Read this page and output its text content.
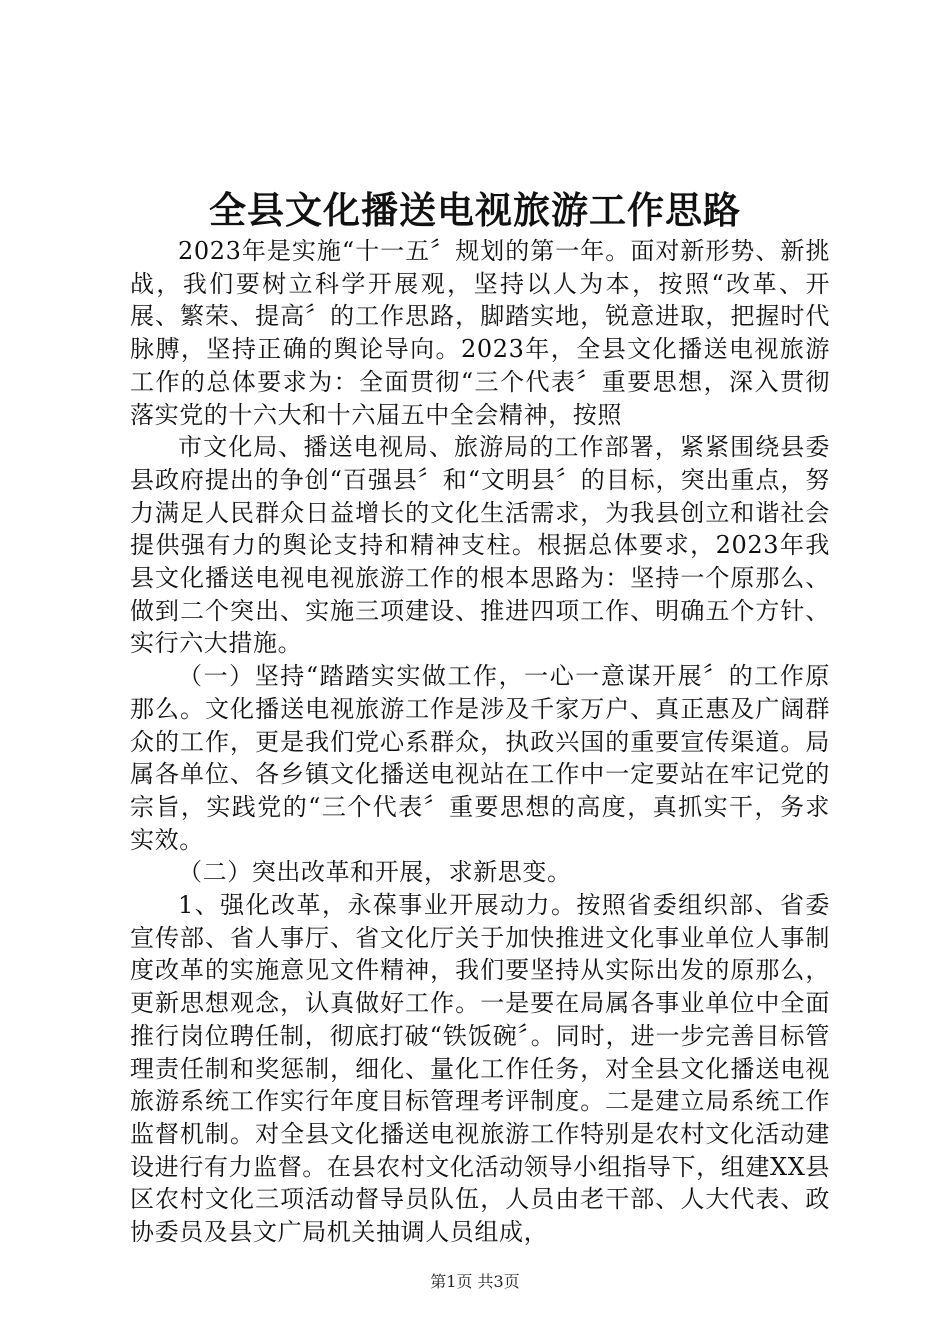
全县文化播送电视旅游工作思路

2023年是实施“十一五〞规划的第一年。面对新形势、新挑战，我们要树立科学开展观，坚持以人为本，按照“改革、开展、繁荣、提高〞的工作思路，脚踏实地，锐意进取，把握时代脉膊，坚持正确的舆论导向。2023年，全县文化播送电视旅游工作的总体要求为：全面贯彻“三个代表〞重要思想，深入贯彻落实党的十六大和十六届五中全会精神，按照

市文化局、播送电视局、旅游局的工作部署，紧紧围绕县委县政府提出的争创“百强县〞和“文明县〞的目标，突出重点，努力满足人民群众日益增长的文化生活需求，为我县创立和谐社会提供强有力的舆论支持和精神支柱。根据总体要求，2023年我县文化播送电视电视旅游工作的根本思路为：坚持一个原那么、做到二个突出、实施三项建设、推进四项工作、明确五个方针、实行六大措施。

（一）坚持“踏踏实实做工作，一心一意谋开展〞的工作原那么。文化播送电视旅游工作是涉及千家万户、真正惠及广阔群众的工作，更是我们党心系群众，执政兴国的重要宣传渠道。局属各单位、各乡镇文化播送电视站在工作中一定要站在牢记党的宗旨，实践党的“三个代表〞重要思想的高度，真抓实干，务求实效。

（二）突出改革和开展，求新思变。

1、强化改革，永葆事业开展动力。按照省委组织部、省委宣传部、省人事厅、省文化厅关于加快推进文化事业单位人事制度改革的实施意见文件精神，我们要坚持从实际出发的原那么，更新思想观念，认真做好工作。一是要在局属各事业单位中全面推行岗位聘任制，彻底打破“铁饭碗〞。同时，进一步完善目标管理责任制和奖惩制，细化、量化工作任务，对全县文化播送电视旅游系统工作实行年度目标管理考评制度。二是建立局系统工作监督机制。对全县文化播送电视旅游工作特别是农村文化活动建设进行有力监督。在县农村文化活动领导小组指导下，组建XX县区农村文化三项活动督导员队伍，人员由老干部、人大代表、政协委员及县文广局机关抽调人员组成，

第1页 共3页
